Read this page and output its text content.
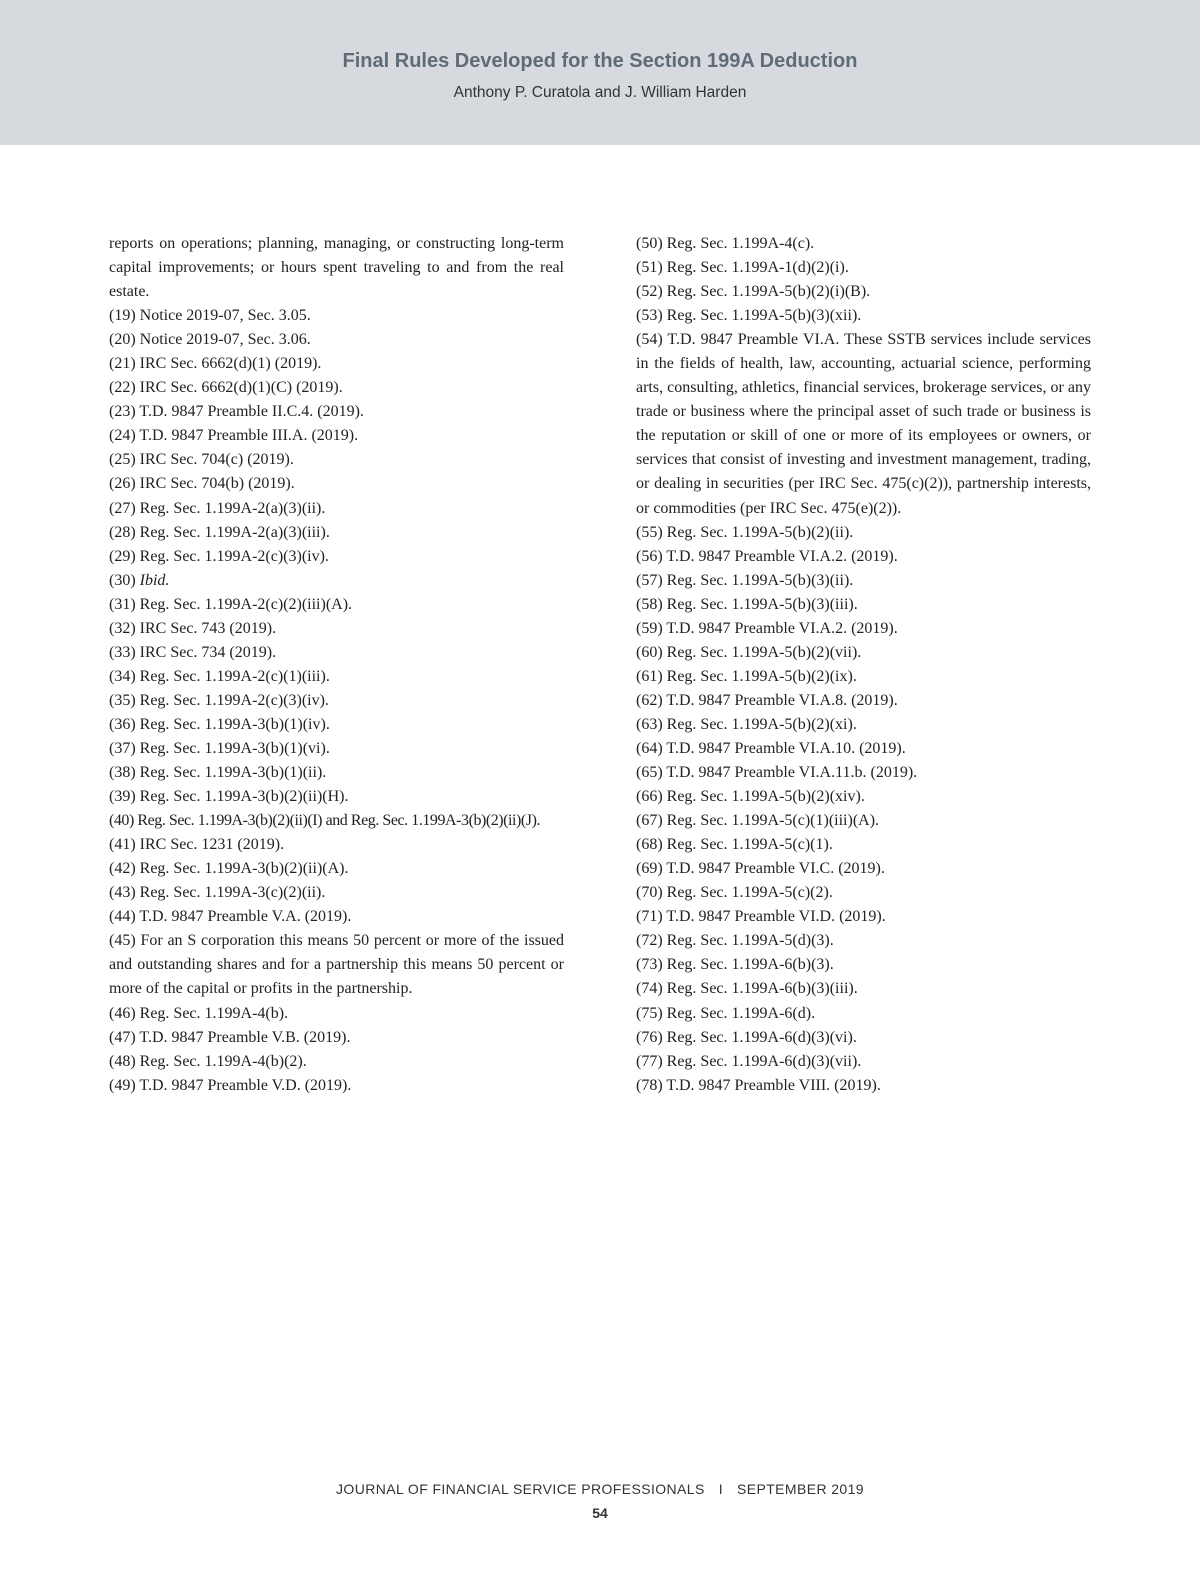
Final Rules Developed for the Section 199A Deduction
Anthony P. Curatola and J. William Harden

reports on operations; planning, managing, or constructing long-term capital improvements; or hours spent traveling to and from the real estate.

(19) Notice 2019-07, Sec. 3.05.

(20) Notice 2019-07, Sec. 3.06.

(21) IRC Sec. 6662(d)(1) (2019).

(22) IRC Sec. 6662(d)(1)(C) (2019).

(23) T.D. 9847 Preamble II.C.4. (2019).

(24) T.D. 9847 Preamble III.A. (2019).

(25) IRC Sec. 704(c) (2019).

(26) IRC Sec. 704(b) (2019).

(27) Reg. Sec. 1.199A-2(a)(3)(ii).

(28) Reg. Sec. 1.199A-2(a)(3)(iii).

(29) Reg. Sec. 1.199A-2(c)(3)(iv).

(30) Ibid.

(31) Reg. Sec. 1.199A-2(c)(2)(iii)(A).

(32) IRC Sec. 743 (2019).

(33) IRC Sec. 734 (2019).

(34) Reg. Sec. 1.199A-2(c)(1)(iii).

(35) Reg. Sec. 1.199A-2(c)(3)(iv).

(36) Reg. Sec. 1.199A-3(b)(1)(iv).

(37) Reg. Sec. 1.199A-3(b)(1)(vi).

(38) Reg. Sec. 1.199A-3(b)(1)(ii).

(39) Reg. Sec. 1.199A-3(b)(2)(ii)(H).

(40) Reg. Sec. 1.199A-3(b)(2)(ii)(I) and Reg. Sec. 1.199A-3(b)(2)(ii)(J).

(41) IRC Sec. 1231 (2019).

(42) Reg. Sec. 1.199A-3(b)(2)(ii)(A).

(43) Reg. Sec. 1.199A-3(c)(2)(ii).

(44) T.D. 9847 Preamble V.A. (2019).

(45) For an S corporation this means 50 percent or more of the issued and outstanding shares and for a partnership this means 50 percent or more of the capital or profits in the partnership.

(46) Reg. Sec. 1.199A-4(b).

(47) T.D. 9847 Preamble V.B. (2019).

(48) Reg. Sec. 1.199A-4(b)(2).

(49) T.D. 9847 Preamble V.D. (2019).

(50) Reg. Sec. 1.199A-4(c).

(51) Reg. Sec. 1.199A-1(d)(2)(i).

(52) Reg. Sec. 1.199A-5(b)(2)(i)(B).

(53) Reg. Sec. 1.199A-5(b)(3)(xii).

(54) T.D. 9847 Preamble VI.A. These SSTB services include services in the fields of health, law, accounting, actuarial science, performing arts, consulting, athletics, financial services, brokerage services, or any trade or business where the principal asset of such trade or business is the reputation or skill of one or more of its employees or owners, or services that consist of investing and investment management, trading, or dealing in securities (per IRC Sec. 475(c)(2)), partnership interests, or commodities (per IRC Sec. 475(e)(2)).

(55) Reg. Sec. 1.199A-5(b)(2)(ii).

(56) T.D. 9847 Preamble VI.A.2. (2019).

(57) Reg. Sec. 1.199A-5(b)(3)(ii).

(58) Reg. Sec. 1.199A-5(b)(3)(iii).

(59) T.D. 9847 Preamble VI.A.2. (2019).

(60) Reg. Sec. 1.199A-5(b)(2)(vii).

(61) Reg. Sec. 1.199A-5(b)(2)(ix).

(62) T.D. 9847 Preamble VI.A.8. (2019).

(63) Reg. Sec. 1.199A-5(b)(2)(xi).

(64) T.D. 9847 Preamble VI.A.10. (2019).

(65) T.D. 9847 Preamble VI.A.11.b. (2019).

(66) Reg. Sec. 1.199A-5(b)(2)(xiv).

(67) Reg. Sec. 1.199A-5(c)(1)(iii)(A).

(68) Reg. Sec. 1.199A-5(c)(1).

(69) T.D. 9847 Preamble VI.C. (2019).

(70) Reg. Sec. 1.199A-5(c)(2).

(71) T.D. 9847 Preamble VI.D. (2019).

(72) Reg. Sec. 1.199A-5(d)(3).

(73) Reg. Sec. 1.199A-6(b)(3).

(74) Reg. Sec. 1.199A-6(b)(3)(iii).

(75) Reg. Sec. 1.199A-6(d).

(76) Reg. Sec. 1.199A-6(d)(3)(vi).

(77) Reg. Sec. 1.199A-6(d)(3)(vii).

(78) T.D. 9847 Preamble VIII. (2019).

JOURNAL OF FINANCIAL SERVICE PROFESSIONALS I SEPTEMBER 2019
54
